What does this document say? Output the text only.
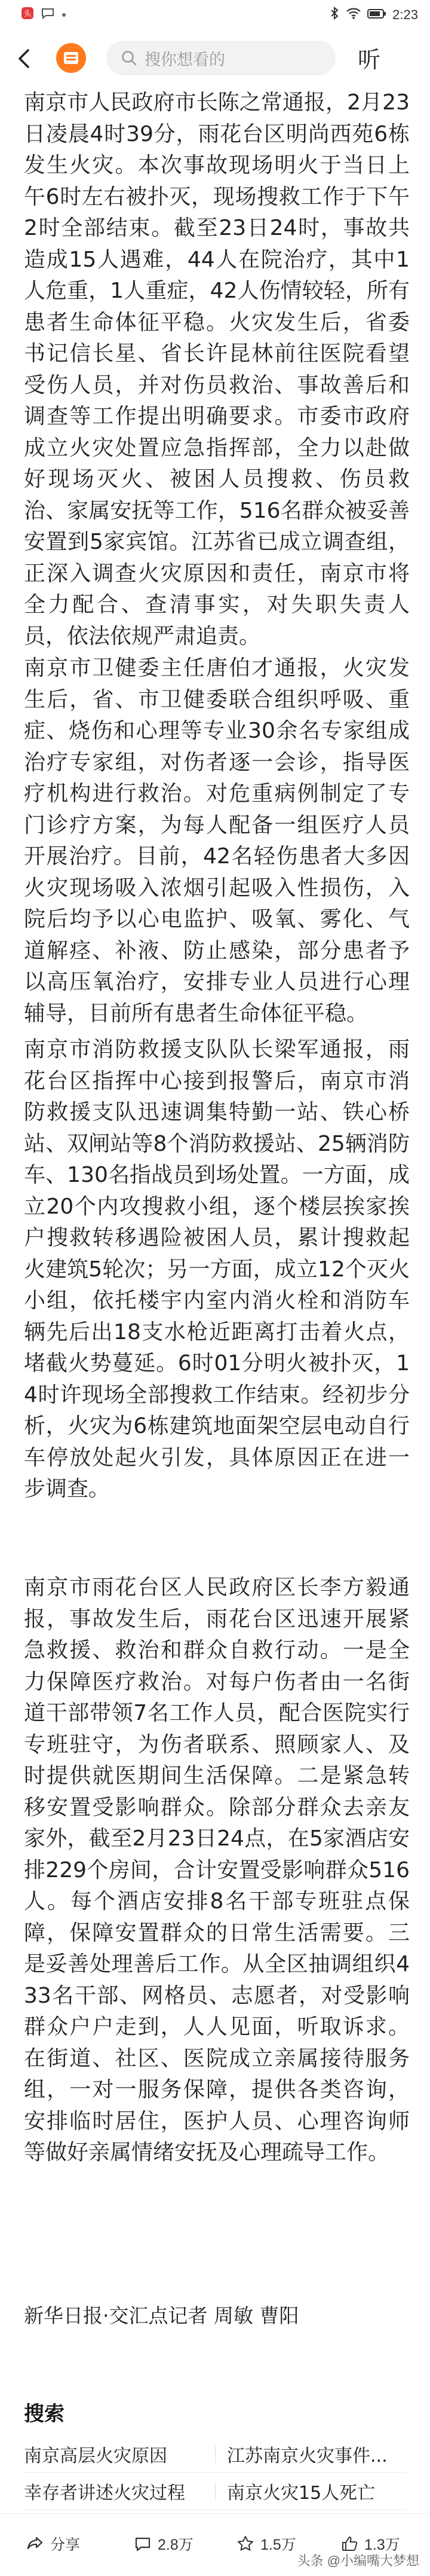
头	2:23
搜你想看的	听
南京市人民政府市长陈之常通报，2月23日凌晨4时39分，雨花台区明尚西苑6栋发生火灾。本次事故现场明火于当日上午6时左右被扑灭，现场搜救工作于下午2时全部结束。截至23日24时，事故共造成15人遇难，44人在院治疗，其中1人危重，1人重症，42人伤情较轻，所有患者生命体征平稳。火灾发生后，省委书记信长星、省长许昆林前往医院看望受伤人员，并对伤员救治、事故善后和调查等工作提出明确要求。市委市政府成立火灾处置应急指挥部，全力以赴做好现场灭火、被困人员搜救、伤员救治、家属安抚等工作，516名群众被妥善安置到5家宾馆。江苏省已成立调查组，正深入调查火灾原因和责任，南京市将全力配合、查清事实，对失职失责人员，依法依规严肃追责。
南京市卫健委主任唐伯才通报，火灾发生后，省、市卫健委联合组织呼吸、重症、烧伤和心理等专业30余名专家组成治疗专家组，对伤者逐一会诊，指导医疗机构进行救治。对危重病例制定了专门诊疗方案，为每人配备一组医疗人员开展治疗。目前，42名轻伤患者大多因火灾现场吸入浓烟引起吸入性损伤，入院后均予以心电监护、吸氧、雾化、气道解痉、补液、防止感染，部分患者予以高压氧治疗，安排专业人员进行心理辅导，目前所有患者生命体征平稳。
南京市消防救援支队队长梁军通报，雨花台区指挥中心接到报警后，南京市消防救援支队迅速调集特勤一站、铁心桥站、双闸站等8个消防救援站、25辆消防车、130名指战员到场处置。一方面，成立20个内攻搜救小组，逐个楼层挨家挨户搜救转移遇险被困人员，累计搜救起火建筑5轮次；另一方面，成立12个灭火小组，依托楼宇内室内消火栓和消防车辆先后出18支水枪近距离打击着火点，堵截火势蔓延。6时01分明火被扑灭，14时许现场全部搜救工作结束。经初步分析，火灾为6栋建筑地面架空层电动自行车停放处起火引发，具体原因正在进一步调查。
南京市雨花台区人民政府区长李方毅通报，事故发生后，雨花台区迅速开展紧急救援、救治和群众自救行动。一是全力保障医疗救治。对每户伤者由一名街道干部带领7名工作人员，配合医院实行专班驻守，为伤者联系、照顾家人、及时提供就医期间生活保障。二是紧急转移安置受影响群众。除部分群众去亲友家外，截至2月23日24点，在5家酒店安排229个房间，合计安置受影响群众516人。每个酒店安排8名干部专班驻点保障，保障安置群众的日常生活需要。三是妥善处理善后工作。从全区抽调组织433名干部、网格员、志愿者，对受影响群众户户走到，人人见面，听取诉求。在街道、社区、医院成立亲属接待服务组，一对一服务保障，提供各类咨询，安排临时居住，医护人员、心理咨询师等做好亲属情绪安抚及心理疏导工作。
新华日报·交汇点记者 周敏 曹阳
搜索
南京高层火灾原因	江苏南京火灾事件...
幸存者讲述火灾过程	南京火灾15人死亡
分享	2.8万	1.5万	1.3万
头条 @小编嘴大梦想
